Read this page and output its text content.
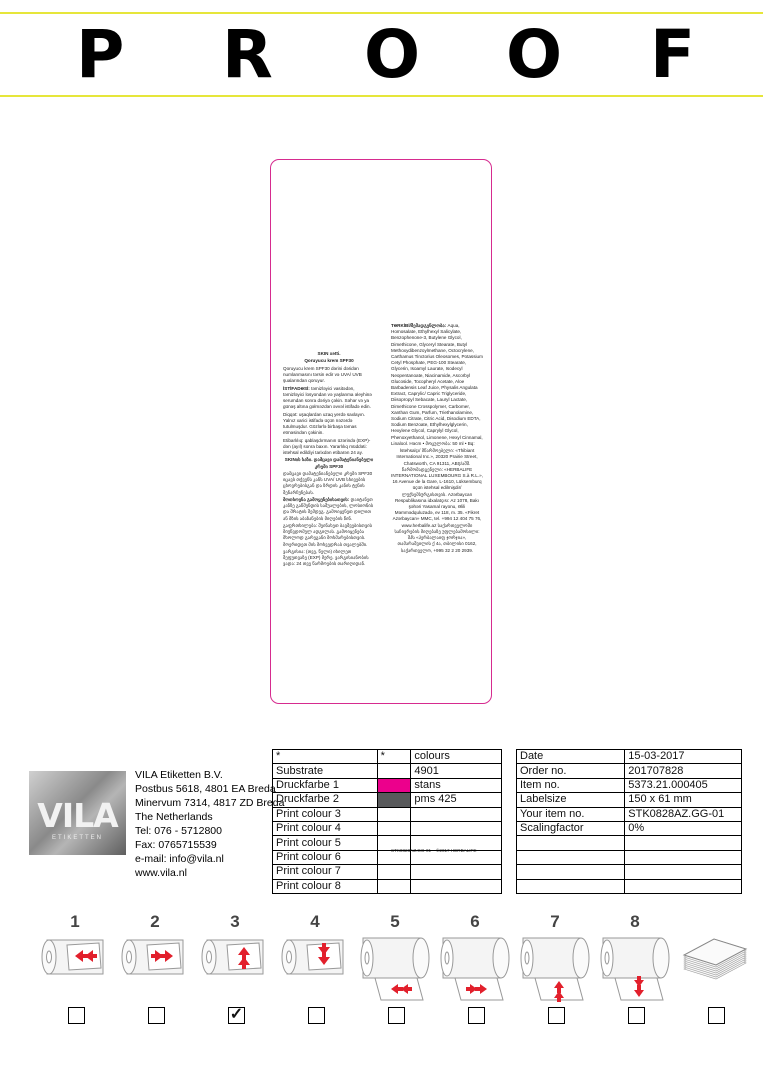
P R O O F

SKIN xətti.

Qoruyucu krem SPF30

Qoruyucu krem SPF30 dərini dəridən numlanmasını tərsin edir və UVA/ UVB şualarından qoruyur.

İSTİFADƏSİ: təmizləyici vasitədən, təmizləyici losyondan və yaşlanma əleyhinə serumdan sonra dəriyə çəkin. Səhər və ya günəş altına gəlməzdən əvvəl istifadə edin.

Diqqət: uşaqlardan uzaq yerdə saxlayın. Yalnız xarici istifadə üçün nəzərdə tutulmuşdur. Gözlərlə birbaşa təmas etməsindən çəkinin.

Etibarlılıq: qablaşdırmanın üzərində (EXP)-dən (ayıl) sonra baxın. Yararlılıq müddəti: istehsal edildiyi tarixdən etibarən 24 ay.

SKINის ხაზი. დამცავი დამატენიანებელი კრემი SPF30

დამცავი დამატენიანებელი კრემი SPF30 იცავს თქვენს კანს UVA/ UVB სხივების ცხოვრებისგან და ზრდის კანის ტენის შენარჩუნებას.

მოთხოვნა გამოყენებისათვის: დაიტანეთ კანზე გაწმენდის საშუალების, ლოსიონის და შრატის შემდეგ. გამოიყენეთ დილით ან მზის აბაზანების მიღების წინ.

გაფრთხილება: შეინახეთ ბავშვებისთვის მიუწვდომელ ადგილას. გამოიყენება მხოლოდ გარეგანი მოხმარებისთვის. მოერიდეთ მის მოხვედრას თვალებში.

ვარგისია: (თვე, წელი) იხილეთ შეფუთვაზე (EXP) მერე. ვარგისიანობის ვადა: 24 თვე წარმოების თარიღიდან.

TƏRKİBİ/შემადგენლობა: Aqua, Homosalate, Ethylhexyl Salicylate, Benzophenone-3, Butylene Glycol, Dimethicone, Glyceryl Stearate, Butyl Methoxydibenzoylmethane, Octocrylene, Carthamus Tinctorius Oleosomes, Potassium Cetyl Phosphate, PEG-100 Stearate, Glycerin, Isoamyl Laurate, Isodecyl Neopentanoate, Niacinamide, Ascorbyl Glucoside, Tocopheryl Acetate, Aloe Barbadensis Leaf Juice, Physalis Angulata Extract, Caprylic/ Capric Triglyceride, Diisopropyl Sebacate, Lauryl Lactate, Dimethicone Crosspolymer, Carbomer, Xanthan Gum, Parfum, Triethanolamine, Sodium Citrate, Citric Acid, Disodium EDTA, Sodium Benzoate, Ethylhexylglycerin, Hexylene Glycol, Caprylyl Glycol, Phenoxyethanol, Limonene, Hexyl Cinnamal, Linalool. Həcm • მოცულობა: 50 ml • Bq:

İstehsalçı/ მწარმოებელი: «Thibiant International Inc.», 20320 Prairie Street, Chatsworth, CA 91311, ABŞ/აშშ. წარმომადგენელი: «HERBALIFE INTERNATIONAL LUXEMBOURG S.à R.L.», 16 Avenue de la Gare, L-1610, Lüksemburq üçün istehsal edilmişdir/ ლუქსემბურგისთვის. Azərbaycan Respublikasına idxalatçısı: Az 1078, Bakı şəhəri Yasamal rayonu, Əlili Məmmədquluzadə, ev 118, m. 35. «Fikret Azərbaycan» MMC, tel. +994 12 404 75 76, www.herbalife.az საქართველოში საჩივრების მიღებაზე უფლებამოსილი: შპს «ჰერბალაიფ ჯორჯია», თამარაშვილის ქ 4ა, თბილისი 0162, საქართველო, +995 32 2 20 2939.

STK0828AZ.GG-01 ©2017 HERBALIFE
VILA
ETIKETTEN
VILA Etiketten B.V.
Postbus 5618, 4801 EA Breda
Minervum 7314, 4817 ZD Breda
The Netherlands
Tel: 076 - 5712800
Fax: 0765715539
e-mail: info@vila.nl
www.vila.nl
*	*	colours
Substrate		4901
Druckfarbe 1		stans
Druckfarbe 2		pms 425
Print colour 3		
Print colour 4		
Print colour 5		
Print colour 6		
Print colour 7		
Print colour 8		
Date	15-03-2017
Order no.	201707828
Item no.	5373.21.000405
Labelsize	150 x 61 mm
Your item no.	STK0828AZ.GG-01
Scalingfactor	0%

1	2	3	4	5	6	7	8
✓
